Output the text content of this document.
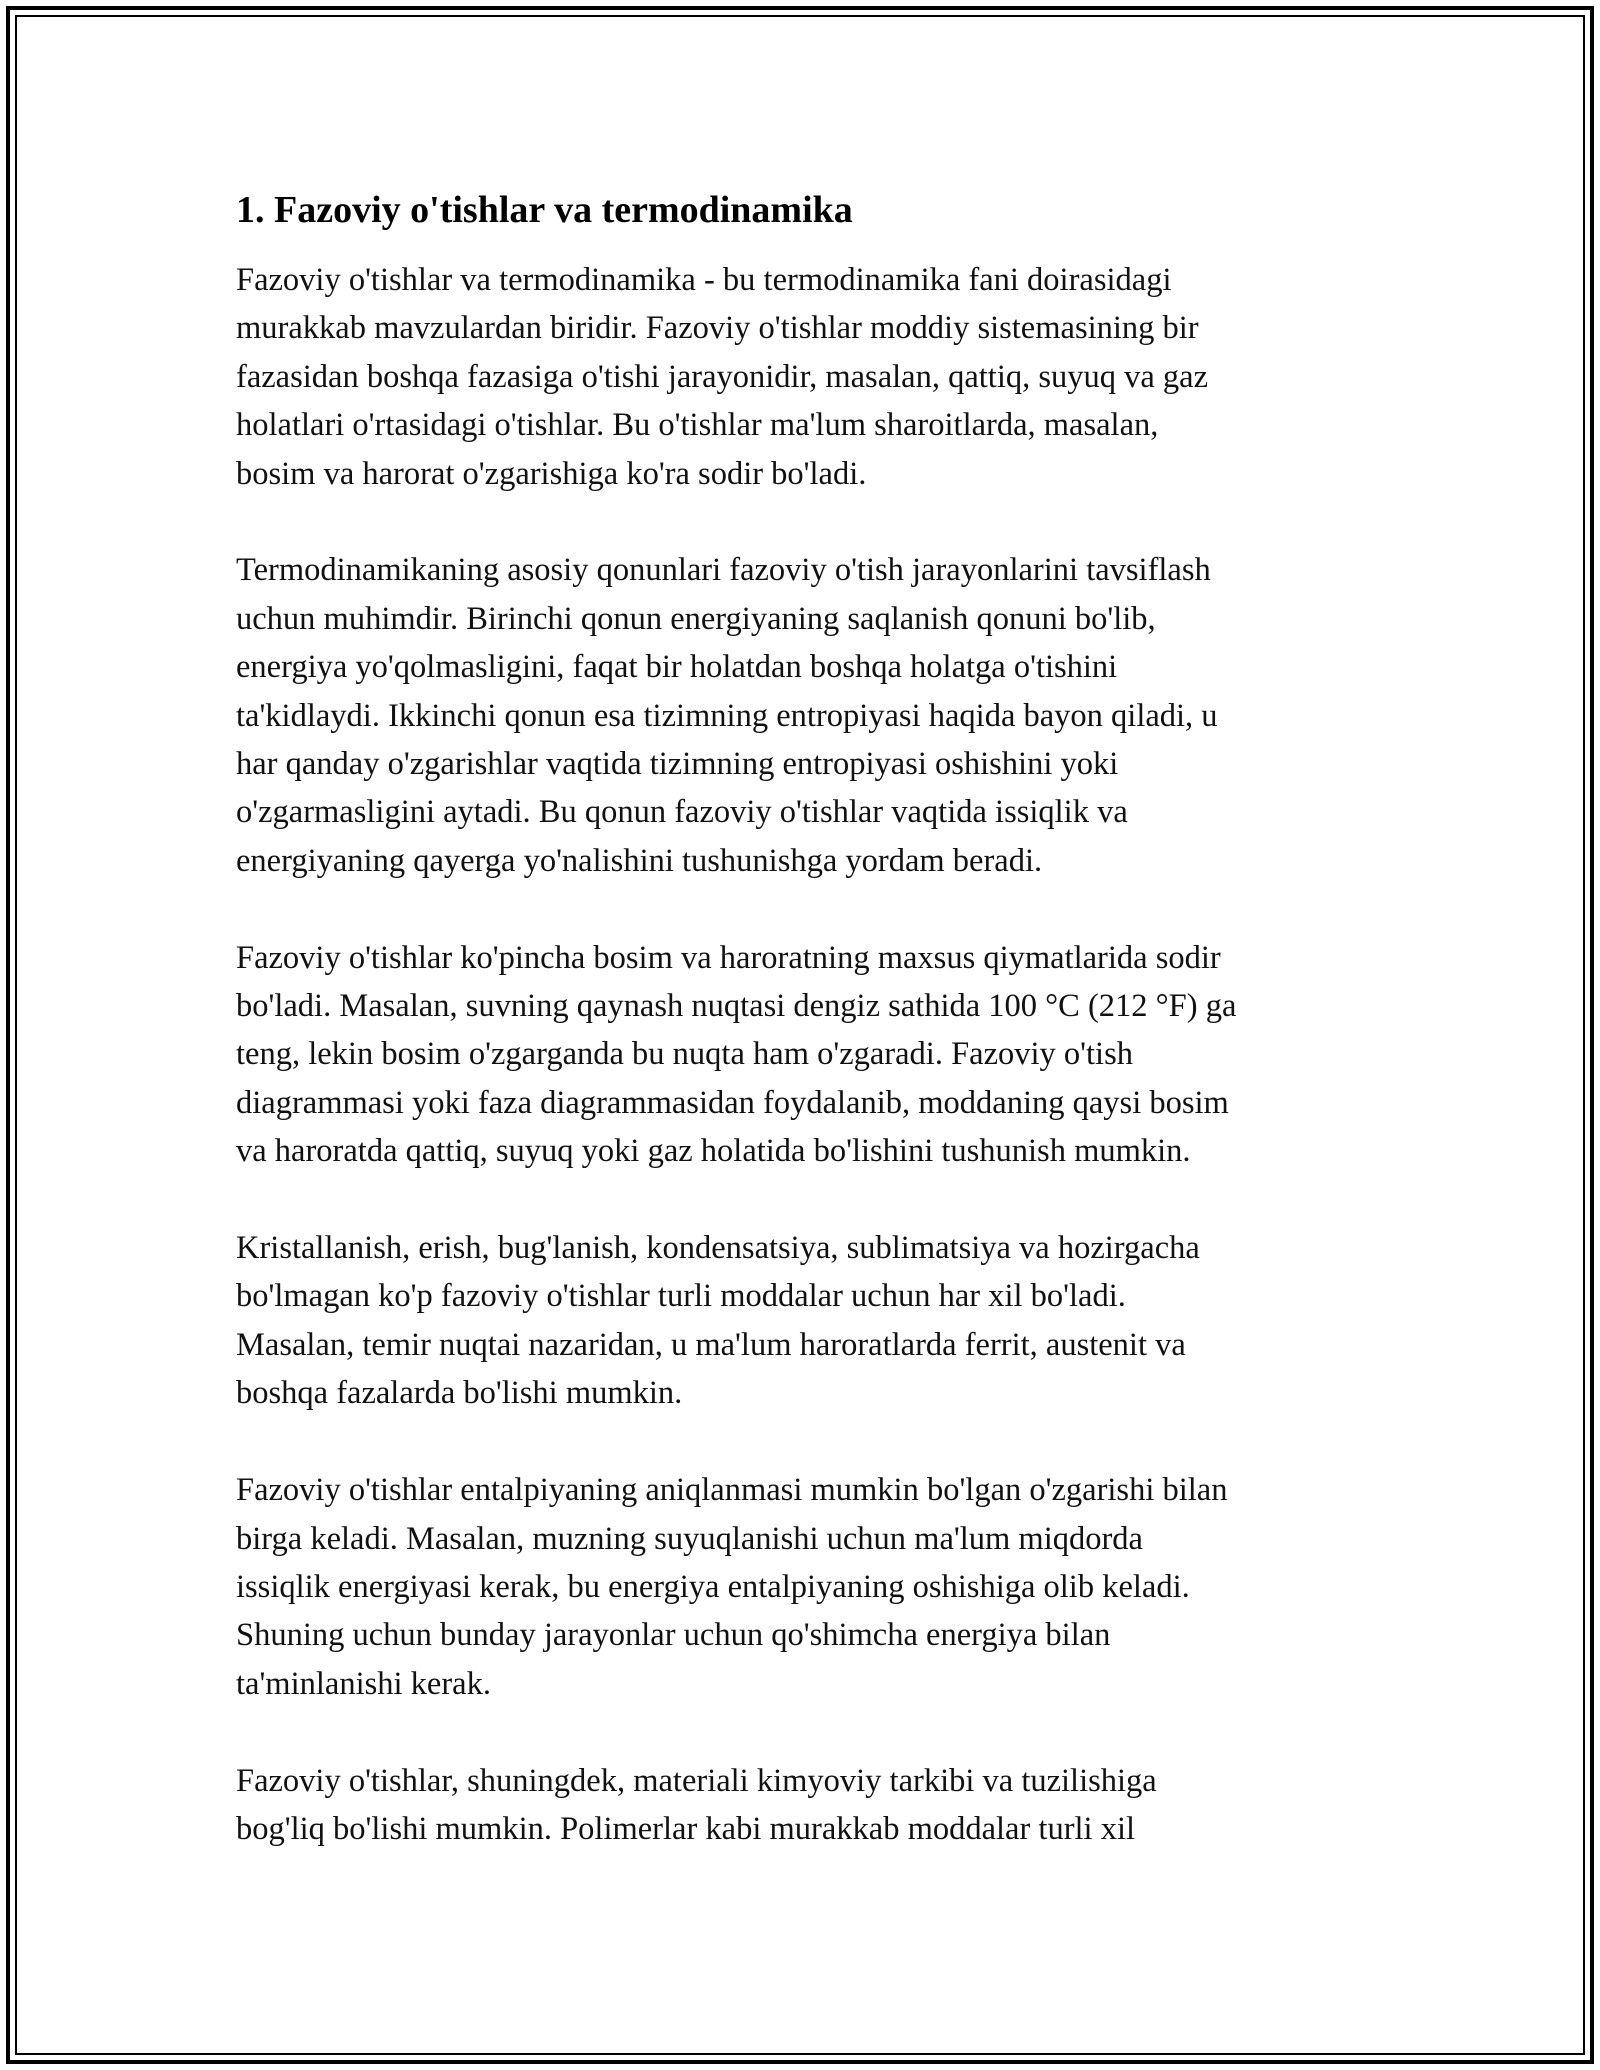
1. Fazoviy o'tishlar va termodinamika

Fazoviy o'tishlar va termodinamika - bu termodinamika fani doirasidagi
murakkab mavzulardan biridir. Fazoviy o'tishlar moddiy sistemasining bir
fazasidan boshqa fazasiga o'tishi jarayonidir, masalan, qattiq, suyuq va gaz
holatlari o'rtasidagi o'tishlar. Bu o'tishlar ma'lum sharoitlarda, masalan,
bosim va harorat o'zgarishiga ko'ra sodir bo'ladi.

Termodinamikaning asosiy qonunlari fazoviy o'tish jarayonlarini tavsiflash
uchun muhimdir. Birinchi qonun energiyaning saqlanish qonuni bo'lib,
energiya yo'qolmasligini, faqat bir holatdan boshqa holatga o'tishini
ta'kidlaydi. Ikkinchi qonun esa tizimning entropiyasi haqida bayon qiladi, u
har qanday o'zgarishlar vaqtida tizimning entropiyasi oshishini yoki
o'zgarmasligini aytadi. Bu qonun fazoviy o'tishlar vaqtida issiqlik va
energiyaning qayerga yo'nalishini tushunishga yordam beradi.

Fazoviy o'tishlar ko'pincha bosim va haroratning maxsus qiymatlarida sodir
bo'ladi. Masalan, suvning qaynash nuqtasi dengiz sathida 100 °C (212 °F) ga
teng, lekin bosim o'zgarganda bu nuqta ham o'zgaradi. Fazoviy o'tish
diagrammasi yoki faza diagrammasidan foydalanib, moddaning qaysi bosim
va haroratda qattiq, suyuq yoki gaz holatida bo'lishini tushunish mumkin.

Kristallanish, erish, bug'lanish, kondensatsiya, sublimatsiya va hozirgacha
bo'lmagan ko'p fazoviy o'tishlar turli moddalar uchun har xil bo'ladi.
Masalan, temir nuqtai nazaridan, u ma'lum haroratlarda ferrit, austenit va
boshqa fazalarda bo'lishi mumkin.

Fazoviy o'tishlar entalpiyaning aniqlanmasi mumkin bo'lgan o'zgarishi bilan
birga keladi. Masalan, muzning suyuqlanishi uchun ma'lum miqdorda
issiqlik energiyasi kerak, bu energiya entalpiyaning oshishiga olib keladi.
Shuning uchun bunday jarayonlar uchun qo'shimcha energiya bilan
ta'minlanishi kerak.

Fazoviy o'tishlar, shuningdek, materiali kimyoviy tarkibi va tuzilishiga
bog'liq bo'lishi mumkin. Polimerlar kabi murakkab moddalar turli xil
